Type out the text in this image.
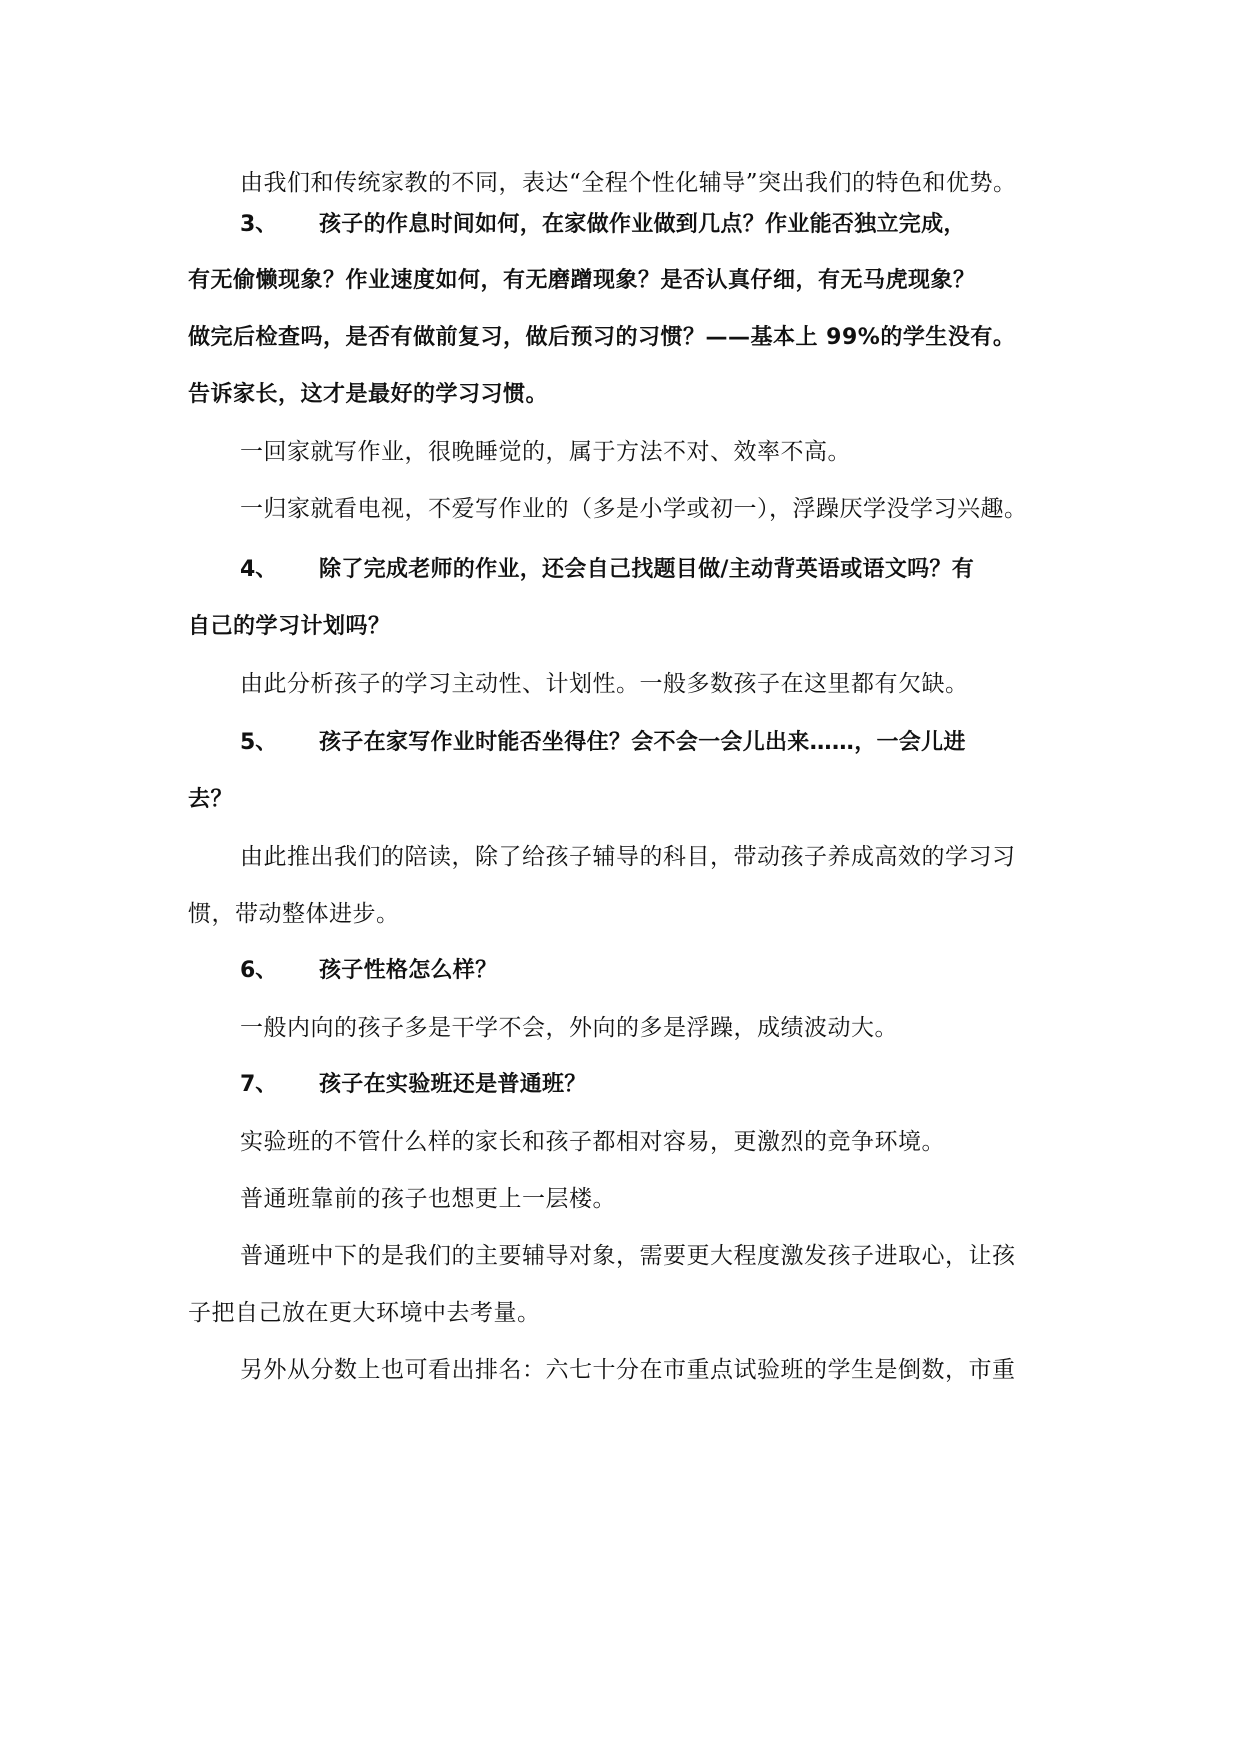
由我们和传统家教的不同，表达“全程个性化辅导”突出我们的特色和优势。
3、 孩子的作息时间如何，在家做作业做到几点？作业能否独立完成，
有无偷懒现象？作业速度如何，有无磨蹭现象？是否认真仔细，有无马虎现象？
做完后检查吗，是否有做前复习，做后预习的习惯？——基本上 99%的学生没有。
告诉家长，这才是最好的学习习惯。
一回家就写作业，很晚睡觉的，属于方法不对、效率不高。
一归家就看电视，不爱写作业的（多是小学或初一），浮躁厌学没学习兴趣。
4、 除了完成老师的作业，还会自己找题目做/主动背英语或语文吗？有
自己的学习计划吗？
由此分析孩子的学习主动性、计划性。一般多数孩子在这里都有欠缺。
5、 孩子在家写作业时能否坐得住？会不会一会儿出来……，一会儿进
去？
由此推出我们的陪读，除了给孩子辅导的科目，带动孩子养成高效的学习习
惯，带动整体进步。
6、 孩子性格怎么样？
一般内向的孩子多是干学不会，外向的多是浮躁，成绩波动大。
7、 孩子在实验班还是普通班？
实验班的不管什么样的家长和孩子都相对容易，更激烈的竞争环境。
普通班靠前的孩子也想更上一层楼。
普通班中下的是我们的主要辅导对象，需要更大程度激发孩子进取心，让孩
子把自己放在更大环境中去考量。
另外从分数上也可看出排名：六七十分在市重点试验班的学生是倒数，市重
